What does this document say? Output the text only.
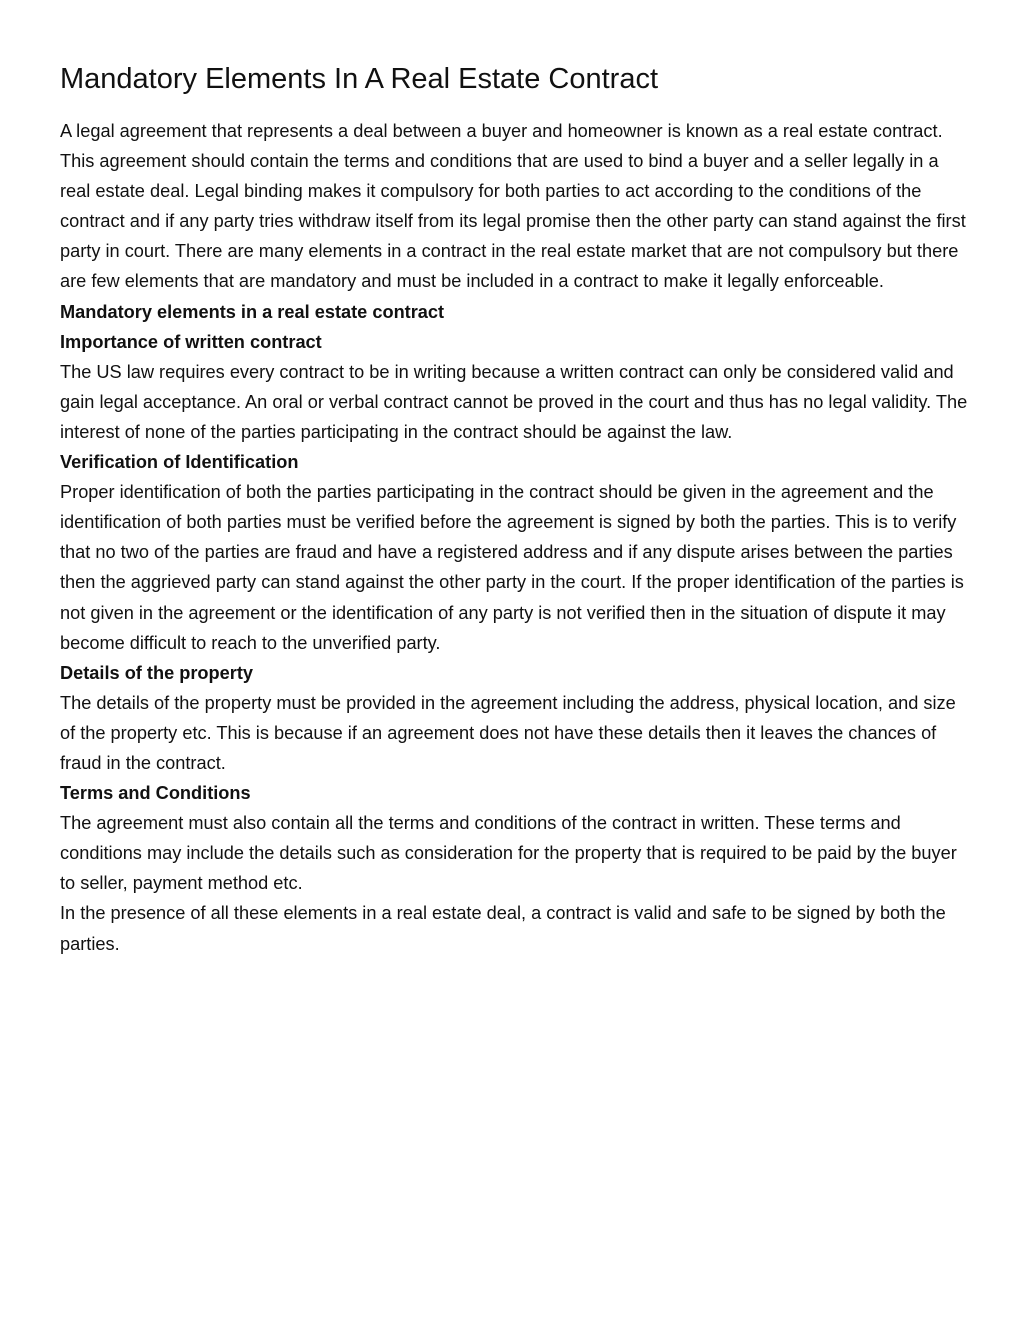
Mandatory Elements In A Real Estate Contract

A legal agreement that represents a deal between a buyer and homeowner is known as a real estate contract. This agreement should contain the terms and conditions that are used to bind a buyer and a seller legally in a real estate deal. Legal binding makes it compulsory for both parties to act according to the conditions of the contract and if any party tries withdraw itself from its legal promise then the other party can stand against the first party in court. There are many elements in a contract in the real estate market that are not compulsory but there are few elements that are mandatory and must be included in a contract to make it legally enforceable.

Mandatory elements in a real estate contract

Importance of written contract

The US law requires every contract to be in writing because a written contract can only be considered valid and gain legal acceptance. An oral or verbal contract cannot be proved in the court and thus has no legal validity. The interest of none of the parties participating in the contract should be against the law.

Verification of Identification

Proper identification of both the parties participating in the contract should be given in the agreement and the identification of both parties must be verified before the agreement is signed by both the parties. This is to verify that no two of the parties are fraud and have a registered address and if any dispute arises between the parties then the aggrieved party can stand against the other party in the court. If the proper identification of the parties is not given in the agreement or the identification of any party is not verified then in the situation of dispute it may become difficult to reach to the unverified party.

Details of the property

The details of the property must be provided in the agreement including the address, physical location, and size of the property etc. This is because if an agreement does not have these details then it leaves the chances of fraud in the contract.

Terms and Conditions

The agreement must also contain all the terms and conditions of the contract in written. These terms and conditions may include the details such as consideration for the property that is required to be paid by the buyer to seller, payment method etc.

In the presence of all these elements in a real estate deal, a contract is valid and safe to be signed by both the parties.
